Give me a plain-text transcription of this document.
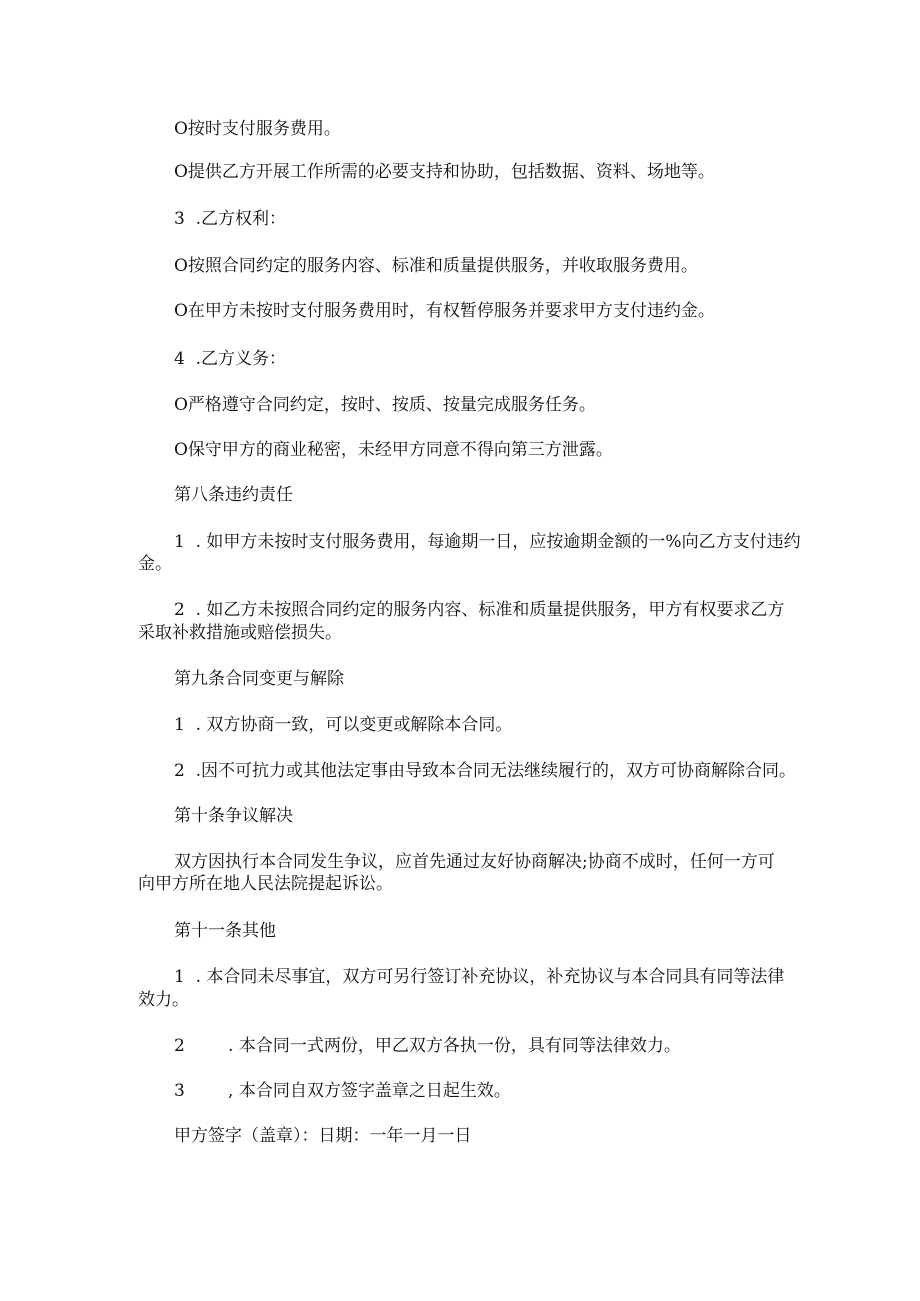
O按时支付服务费用。

O提供乙方开展工作所需的必要支持和协助，包括数据、资料、场地等。

3  .乙方权利：

O按照合同约定的服务内容、标准和质量提供服务，并收取服务费用。

O在甲方未按时支付服务费用时，有权暂停服务并要求甲方支付违约金。

4  .乙方义务：

O严格遵守合同约定，按时、按质、按量完成服务任务。

O保守甲方的商业秘密，未经甲方同意不得向第三方泄露。

第八条违约责任

1  . 如甲方未按时支付服务费用，每逾期一日，应按逾期金额的一%向乙方支付违约

金。

2  . 如乙方未按照合同约定的服务内容、标准和质量提供服务，甲方有权要求乙方

采取补救措施或赔偿损失。

第九条合同变更与解除

1  . 双方协商一致，可以变更或解除本合同。

2  .因不可抗力或其他法定事由导致本合同无法继续履行的，双方可协商解除合同。

第十条争议解决

双方因执行本合同发生争议，应首先通过友好协商解决;协商不成时，任何一方可

向甲方所在地人民法院提起诉讼。

第十一条其他

1  . 本合同未尽事宜，双方可另行签订补充协议，补充协议与本合同具有同等法律

效力。

2        . 本合同一式两份，甲乙双方各执一份，具有同等法律效力。

3        , 本合同自双方签字盖章之日起生效。

甲方签字（盖章）：日期：一年一月一日
